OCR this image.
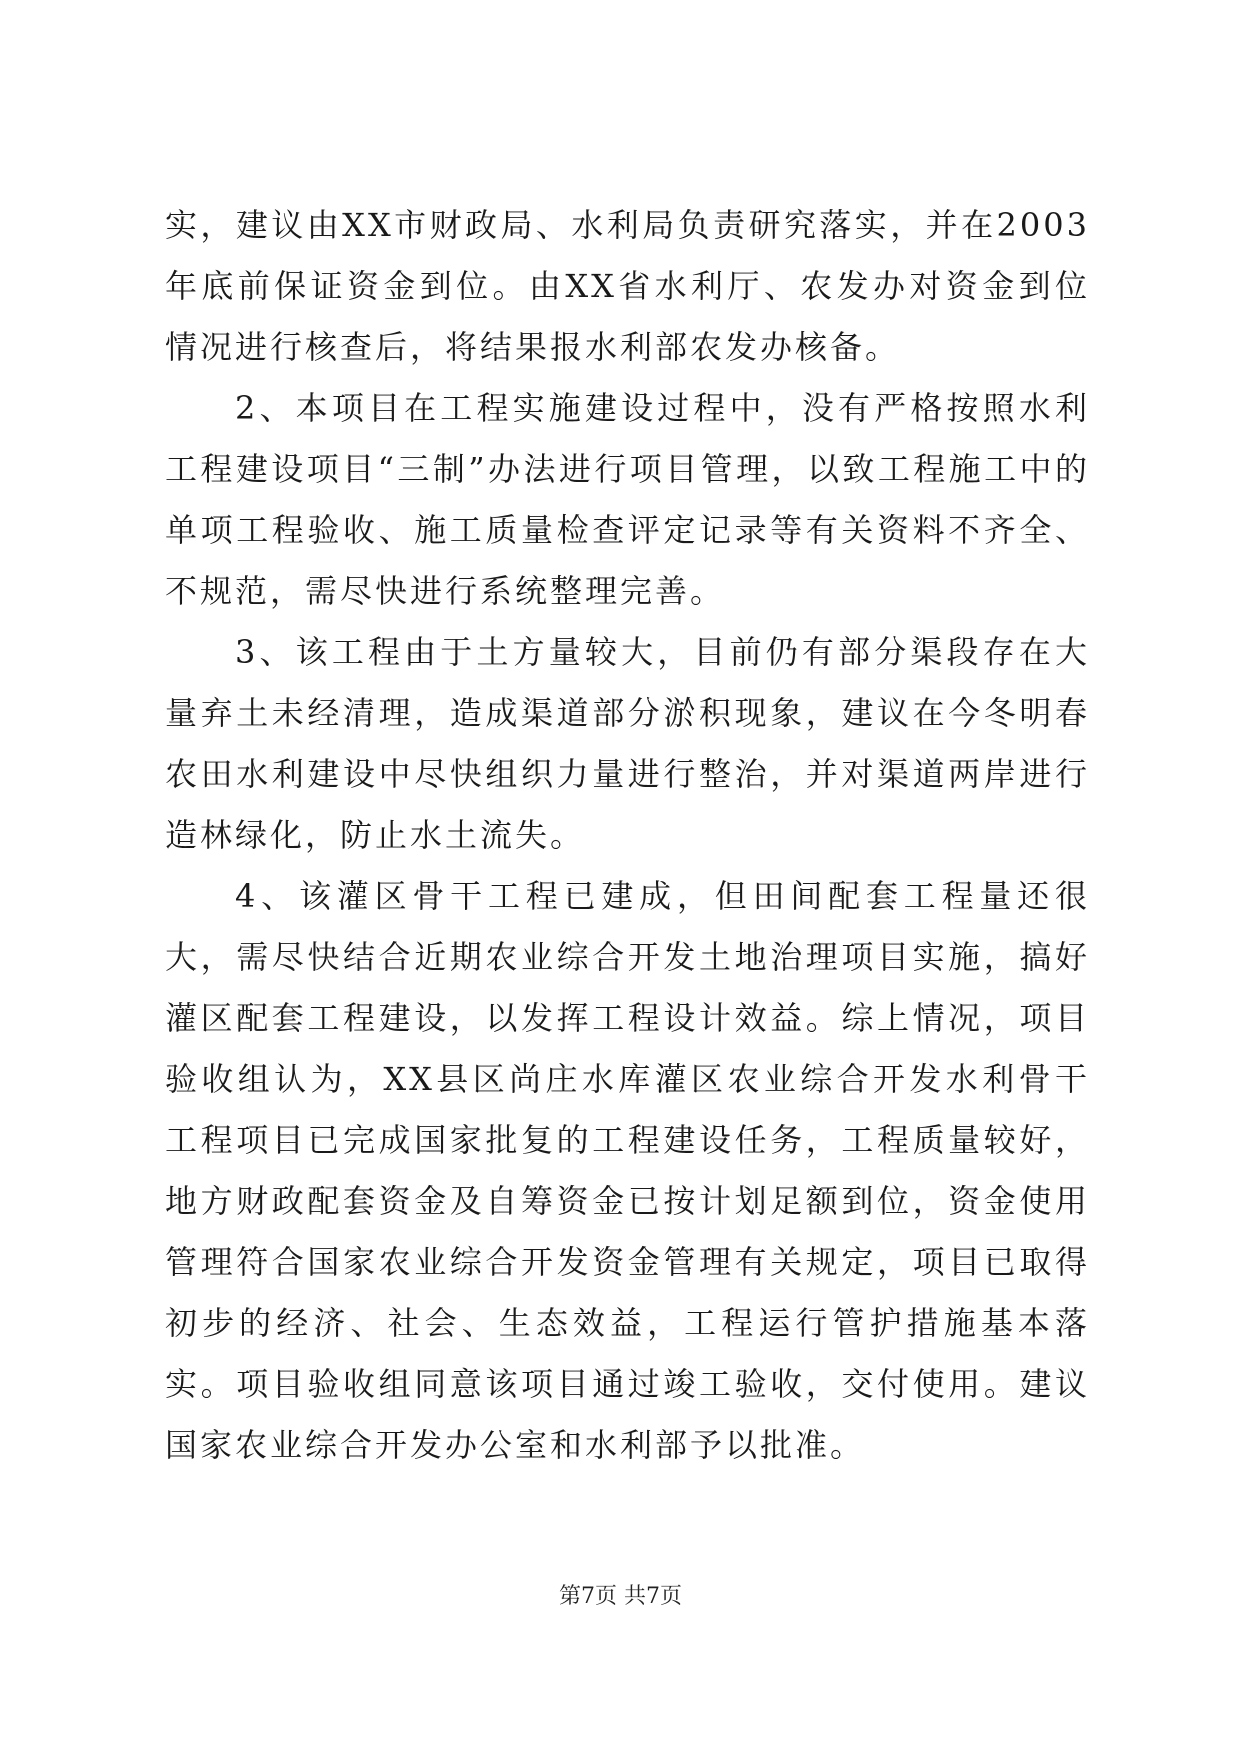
实，建议由XX市财政局、水利局负责研究落实，并在2003年底前保证资金到位。由XX省水利厅、农发办对资金到位情况进行核查后，将结果报水利部农发办核备。

2、本项目在工程实施建设过程中，没有严格按照水利工程建设项目“三制”办法进行项目管理，以致工程施工中的单项工程验收、施工质量检查评定记录等有关资料不齐全、不规范，需尽快进行系统整理完善。

3、该工程由于土方量较大，目前仍有部分渠段存在大量弃土未经清理，造成渠道部分淤积现象，建议在今冬明春农田水利建设中尽快组织力量进行整治，并对渠道两岸进行造林绿化，防止水土流失。

4、该灌区骨干工程已建成，但田间配套工程量还很大，需尽快结合近期农业综合开发土地治理项目实施，搞好灌区配套工程建设，以发挥工程设计效益。综上情况，项目验收组认为，XX县区尚庄水库灌区农业综合开发水利骨干工程项目已完成国家批复的工程建设任务，工程质量较好，地方财政配套资金及自筹资金已按计划足额到位，资金使用管理符合国家农业综合开发资金管理有关规定，项目已取得初步的经济、社会、生态效益，工程运行管护措施基本落实。项目验收组同意该项目通过竣工验收，交付使用。建议国家农业综合开发办公室和水利部予以批准。

第7页 共7页
